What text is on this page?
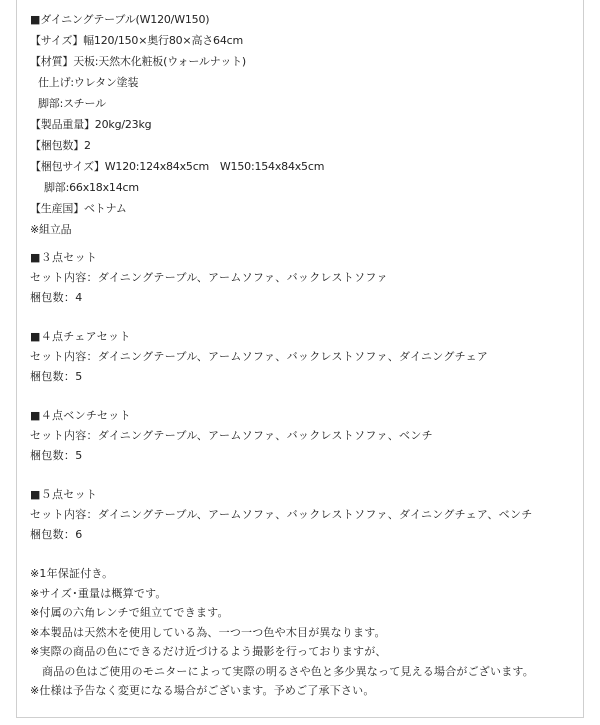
■ダイニングテーブル(W120/W150)
【サイズ】幅120/150×奥行80×高さ64cm
【材質】天板:天然木化粧板(ウォールナット)
仕上げ:ウレタン塗装
脚部:スチール
【製品重量】20kg/23kg
【梱包数】2
【梱包サイズ】W120:124x84x5cm　W150:154x84x5cm
脚部:66x18x14cm
【生産国】ベトナム
※組立品
■３点セット
セット内容：ダイニングテーブル、アームソファ、バックレストソファ
梱包数：4
■４点チェアセット
セット内容：ダイニングテーブル、アームソファ、バックレストソファ、ダイニングチェア
梱包数：5
■４点ベンチセット
セット内容：ダイニングテーブル、アームソファ、バックレストソファ、ベンチ
梱包数：5
■５点セット
セット内容：ダイニングテーブル、アームソファ、バックレストソファ、ダイニングチェア、ベンチ
梱包数：6
※1年保証付き。
※サイズ･重量は概算です。
※付属の六角レンチで組立てできます。
※本製品は天然木を使用している為、一つ一つ色や木目が異なります。
※実際の商品の色にできるだけ近づけるよう撮影を行っておりますが、
商品の色はご使用のモニターによって実際の明るさや色と多少異なって見える場合がございます。
※仕様は予告なく変更になる場合がございます。予めご了承下さい。
